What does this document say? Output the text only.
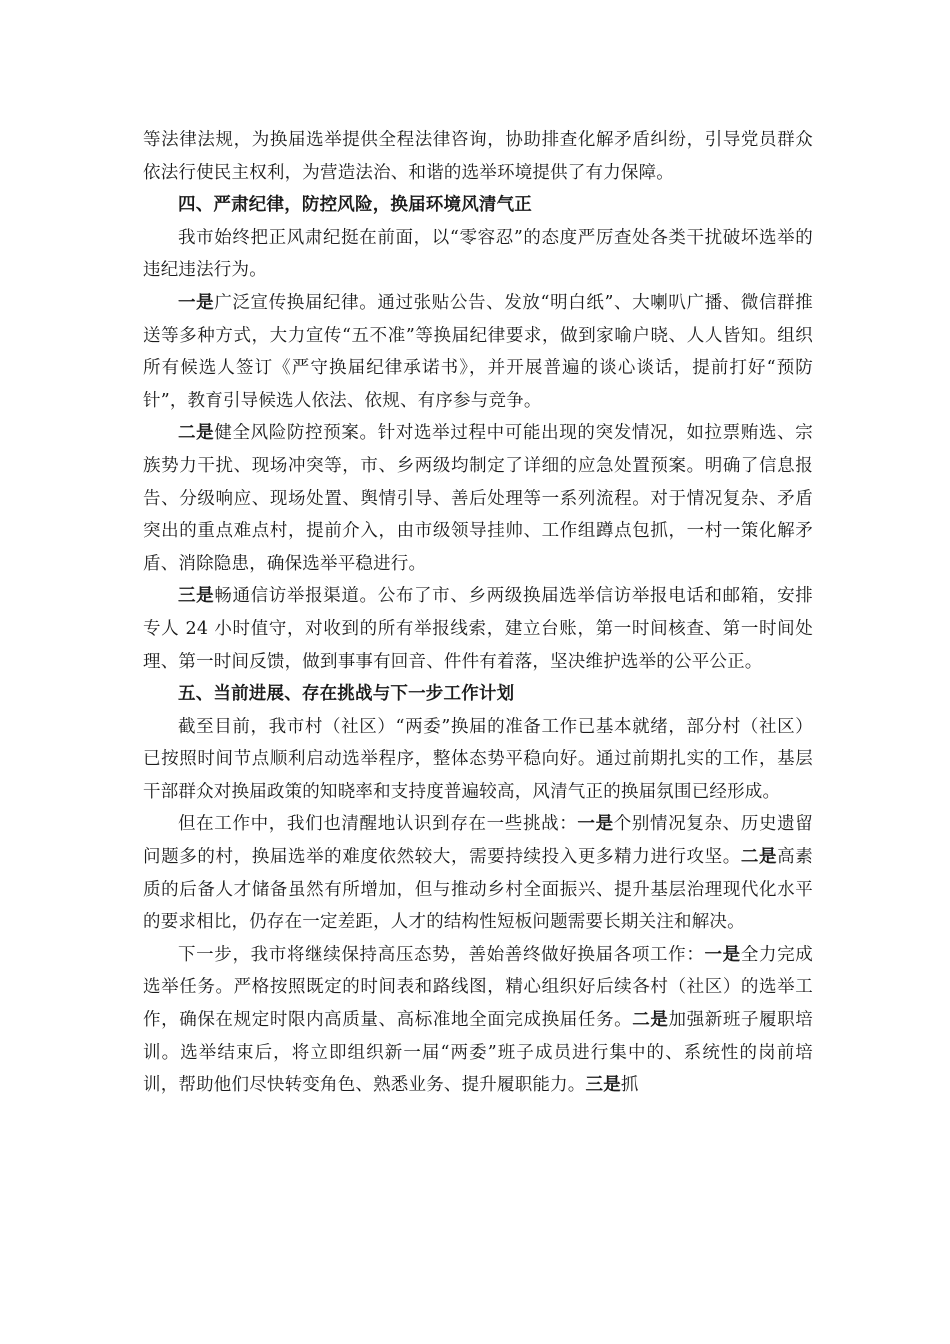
等法律法规，为换届选举提供全程法律咨询，协助排查化解矛盾纠纷，引导党员群众依法行使民主权利，为营造法治、和谐的选举环境提供了有力保障。

四、严肃纪律，防控风险，换届环境风清气正

我市始终把正风肃纪挺在前面，以“零容忍”的态度严厉查处各类干扰破坏选举的违纪违法行为。

一是广泛宣传换届纪律。通过张贴公告、发放“明白纸”、大喇叭广播、微信群推送等多种方式，大力宣传“五不准”等换届纪律要求，做到家喻户晓、人人皆知。组织所有候选人签订《严守换届纪律承诺书》，并开展普遍的谈心谈话，提前打好“预防针”，教育引导候选人依法、依规、有序参与竞争。

二是健全风险防控预案。针对选举过程中可能出现的突发情况，如拉票贿选、宗族势力干扰、现场冲突等，市、乡两级均制定了详细的应急处置预案。明确了信息报告、分级响应、现场处置、舆情引导、善后处理等一系列流程。对于情况复杂、矛盾突出的重点难点村，提前介入，由市级领导挂帅、工作组蹲点包抓，一村一策化解矛盾、消除隐患，确保选举平稳进行。

三是畅通信访举报渠道。公布了市、乡两级换届选举信访举报电话和邮箱，安排专人 24 小时值守，对收到的所有举报线索，建立台账，第一时间核查、第一时间处理、第一时间反馈，做到事事有回音、件件有着落，坚决维护选举的公平公正。

五、当前进展、存在挑战与下一步工作计划

截至目前，我市村（社区）“两委”换届的准备工作已基本就绪，部分村（社区）已按照时间节点顺利启动选举程序，整体态势平稳向好。通过前期扎实的工作，基层干部群众对换届政策的知晓率和支持度普遍较高，风清气正的换届氛围已经形成。

但在工作中，我们也清醒地认识到存在一些挑战：一是个别情况复杂、历史遗留问题多的村，换届选举的难度依然较大，需要持续投入更多精力进行攻坚。二是高素质的后备人才储备虽然有所增加，但与推动乡村全面振兴、提升基层治理现代化水平的要求相比，仍存在一定差距，人才的结构性短板问题需要长期关注和解决。

下一步，我市将继续保持高压态势，善始善终做好换届各项工作：一是全力完成选举任务。严格按照既定的时间表和路线图，精心组织好后续各村（社区）的选举工作，确保在规定时限内高质量、高标准地全面完成换届任务。二是加强新班子履职培训。选举结束后，将立即组织新一届“两委”班子成员进行集中的、系统性的岗前培训，帮助他们尽快转变角色、熟悉业务、提升履职能力。三是抓
